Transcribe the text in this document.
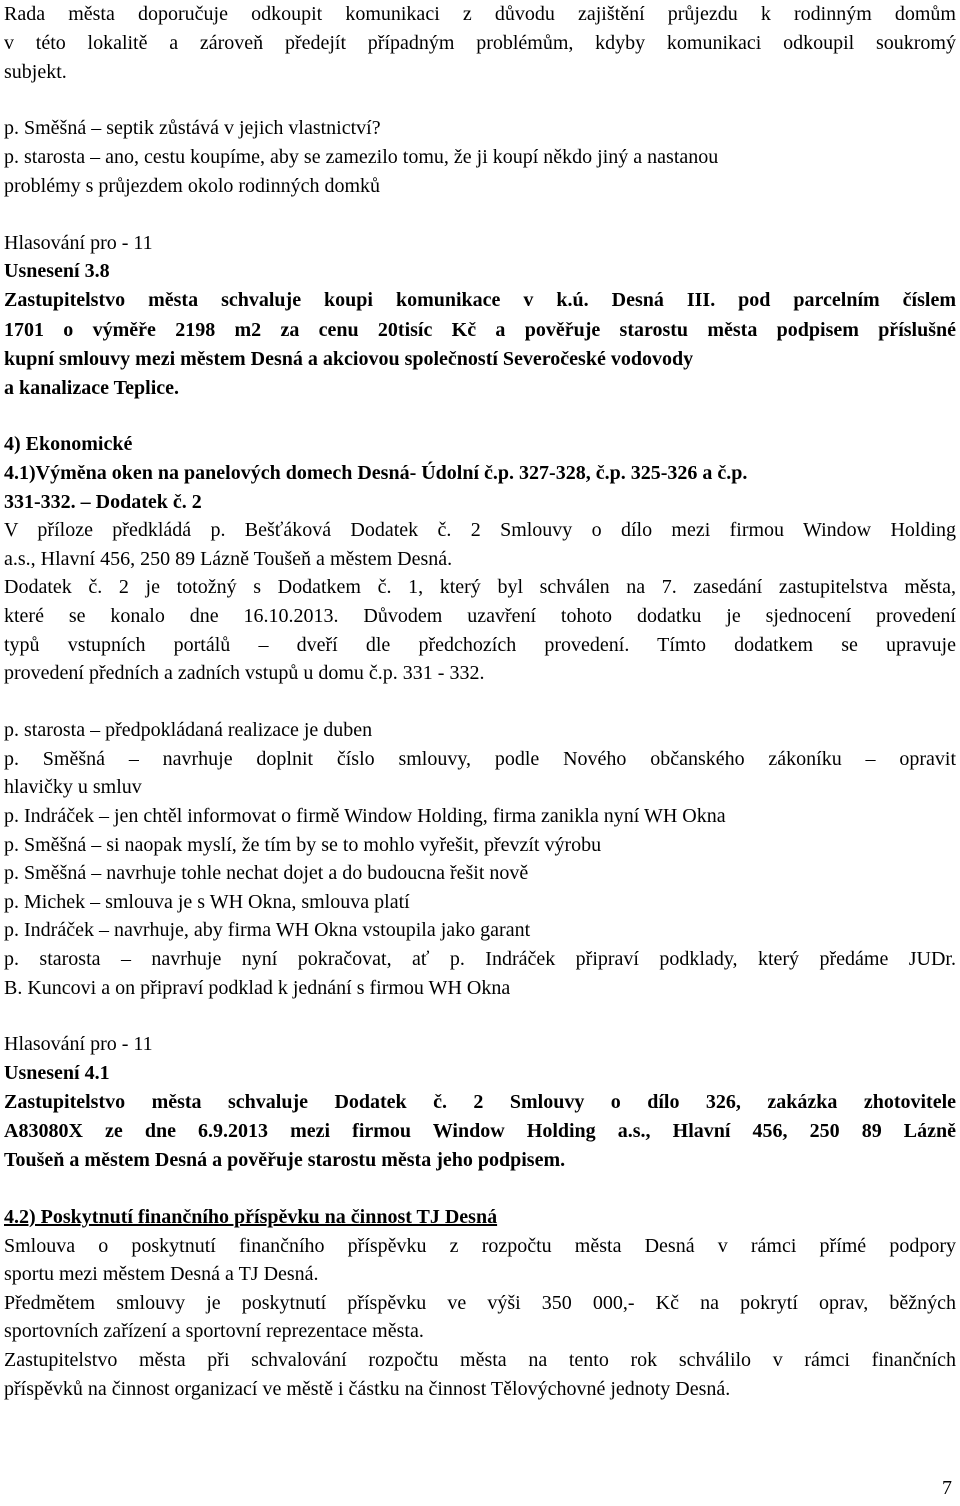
Rada města doporučuje odkoupit komunikaci z důvodu zajištění průjezdu k rodinným domům

v této lokalitě a zároveň předejít případným problémům, kdyby komunikaci odkoupil soukromý

subjekt.

p. Směšná – septik zůstává v jejich vlastnictví?

p. starosta – ano, cestu koupíme, aby se zamezilo tomu, že ji koupí někdo jiný a nastanou

problémy s průjezdem okolo rodinných domků

Hlasování pro - 11

Usnesení 3.8

Zastupitelstvo města schvaluje koupi komunikace v k.ú. Desná III. pod parcelním číslem

1701 o výměře 2198 m2 za cenu 20tisíc Kč a pověřuje starostu města podpisem příslušné

kupní smlouvy mezi městem Desná a akciovou společností Severočeské vodovody

a kanalizace Teplice.

4) Ekonomické

4.1)Výměna oken na panelových domech Desná- Údolní č.p. 327-328, č.p. 325-326 a č.p.

331-332. – Dodatek č. 2

V příloze předkládá p. Bešťáková Dodatek č. 2 Smlouvy o dílo mezi firmou Window Holding

a.s., Hlavní 456, 250 89 Lázně Toušeň a městem Desná.

Dodatek č. 2 je totožný s Dodatkem č. 1, který byl schválen na 7. zasedání zastupitelstva města,

které se konalo dne 16.10.2013. Důvodem uzavření tohoto dodatku je sjednocení provedení

typů vstupních portálů – dveří dle předchozích provedení. Tímto dodatkem se upravuje

provedení předních a zadních vstupů u domu č.p. 331 - 332.

p. starosta – předpokládaná realizace je duben

p. Směšná – navrhuje doplnit číslo smlouvy, podle Nového občanského zákoníku – opravit

hlavičky u smluv

p. Indráček – jen chtěl informovat o firmě Window Holding, firma zanikla nyní WH Okna

p. Směšná – si naopak myslí, že tím by se to mohlo vyřešit, převzít výrobu

p. Směšná – navrhuje tohle nechat dojet a do budoucna řešit nově

p. Michek – smlouva je s WH Okna, smlouva platí

p. Indráček – navrhuje, aby firma WH Okna vstoupila jako garant

p. starosta – navrhuje nyní pokračovat, ať p. Indráček připraví podklady, který předáme JUDr.

B. Kuncovi a on připraví podklad k jednání s firmou WH Okna

Hlasování pro - 11

Usnesení 4.1

Zastupitelstvo města schvaluje Dodatek č. 2 Smlouvy o dílo 326, zakázka zhotovitele

A83080X ze dne 6.9.2013 mezi firmou Window Holding a.s., Hlavní 456, 250 89 Lázně

Toušeň a městem Desná a pověřuje starostu města jeho podpisem.

4.2) Poskytnutí finančního příspěvku na činnost TJ Desná

Smlouva o poskytnutí finančního příspěvku z rozpočtu města Desná v rámci přímé podpory

sportu mezi městem Desná a TJ Desná.

Předmětem smlouvy je poskytnutí příspěvku ve výši 350 000,- Kč na pokrytí oprav, běžných

sportovních zařízení a sportovní reprezentace města.

Zastupitelstvo města při schvalování rozpočtu města na tento rok schválilo v rámci finančních

příspěvků na činnost organizací ve městě i částku na činnost Tělovýchovné jednoty Desná.

7
